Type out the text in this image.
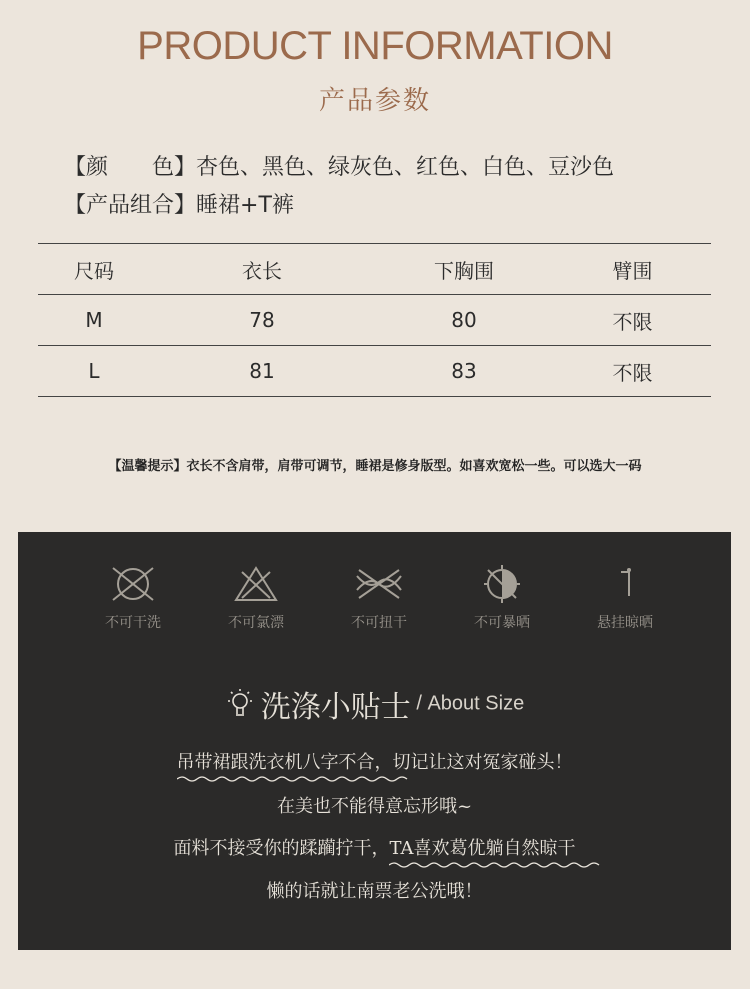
PRODUCT INFORMATION
产品参数
【颜　　色】杏色、黑色、绿灰色、红色、白色、豆沙色
【产品组合】睡裙+T裤
尺码	衣长	下胸围	臂围
M	78	80	不限
L	81	83	不限
【温馨提示】衣长不含肩带，肩带可调节，睡裙是修身版型。如喜欢宽松一些。可以选大一码
不可干洗	不可氯漂	不可扭干	不可暴晒	悬挂晾晒
洗涤小贴士 / About Size
吊带裙跟洗衣机八字不合，
切记让这对冤家碰头！
在美也不能得意忘形哦~
面料不接受你的蹂躏拧干，TA喜欢葛优躺自然晾干
懒的话就让南票老公洗哦！
